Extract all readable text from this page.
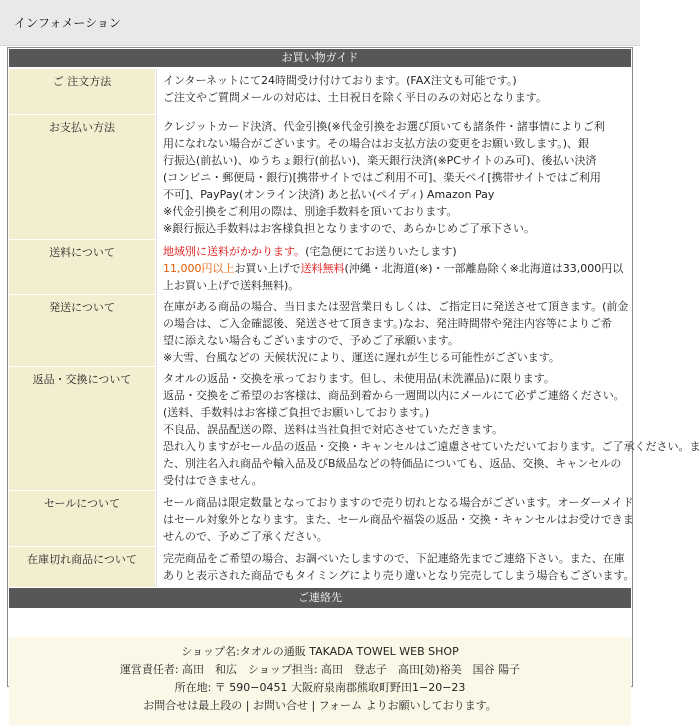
インフォメーション
お買い物ガイド
ご 注文方法	インターネットにて24時間受け付けております。(FAX注文も可能です。)
ご注文やご質問メールの対応は、土日祝日を除く平日のみの対応となります。
お支払い方法	クレジットカード決済、代金引換(※代金引換をお選び頂いても諸条件・諸事情によりご利
用になれない場合がございます。その場合はお支払方法の変更をお願い致します。)、銀
行振込(前払い)、ゆうちょ銀行(前払い)、楽天銀行決済(※PCサイトのみ可)、後払い決済
(コンビニ・郵便局・銀行)[携帯サイトではご利用不可]、楽天ペイ[携帯サイトではご利用
不可]、PayPay(オンライン決済) あと払い(ペイディ) Amazon Pay
※代金引換をご利用の際は、別途手数料を頂いております。
※銀行振込手数料はお客様負担となりますので、あらかじめご了承下さい。
送料について	地域別に送料がかかります。(宅急便にてお送りいたします)
11,000円以上お買い上げで送料無料(沖縄・北海道(※)・一部離島除く※北海道は33,000円以
上お買い上げで送料無料)。
発送について	在庫がある商品の場合、当日または翌営業日もしくは、ご指定日に発送させて頂きます。(前金
の場合は、ご入金確認後、発送させて頂きます。)なお、発注時間帯や発注内容等によりご希
望に添えない場合もございますので、予めご了承願います。
※大雪、台風などの 天候状況により、運送に遅れが生じる可能性がございます。
返品・交換について	タオルの返品・交換を承っております。但し、未使用品(未洗濯品)に限ります。
返品・交換をご希望のお客様は、商品到着から一週間以内にメールにて必ずご連絡ください。
(送料、手数料はお客様ご負担でお願いしております。)
不良品、誤品配送の際、送料は当社負担で対応させていただきます。
恐れ入りますがセール品の返品・交換・キャンセルはご遠慮させていただいております。ご了承ください。ま
た、別注名入れ商品や輸入品及びB級品などの特価品についても、返品、交換、キャンセルの
受付はできません。
セールについて	セール商品は限定数量となっておりますので売り切れとなる場合がございます。オーダーメイド
はセール対象外となります。また、セール商品や福袋の返品・交換・キャンセルはお受けできま
せんので、予めご了承ください。
在庫切れ商品について	完売商品をご希望の場合、お調べいたしますので、下記連絡先までご連絡下さい。また、在庫
ありと表示された商品でもタイミングにより売り違いとなり完売してしまう場合もございます。
ご連絡先
ショップ名:タオルの通販 TAKADA TOWEL WEB SHOP
運営責任者: 高田　和広　ショップ担当: 高田　登志子　高田[効)裕美　国谷 陽子
所在地: 〒 590−0451 大阪府泉南郡熊取町野田1−20−23
お問合せは最上段の | お問い合せ | フォーム よりお願いしております。
